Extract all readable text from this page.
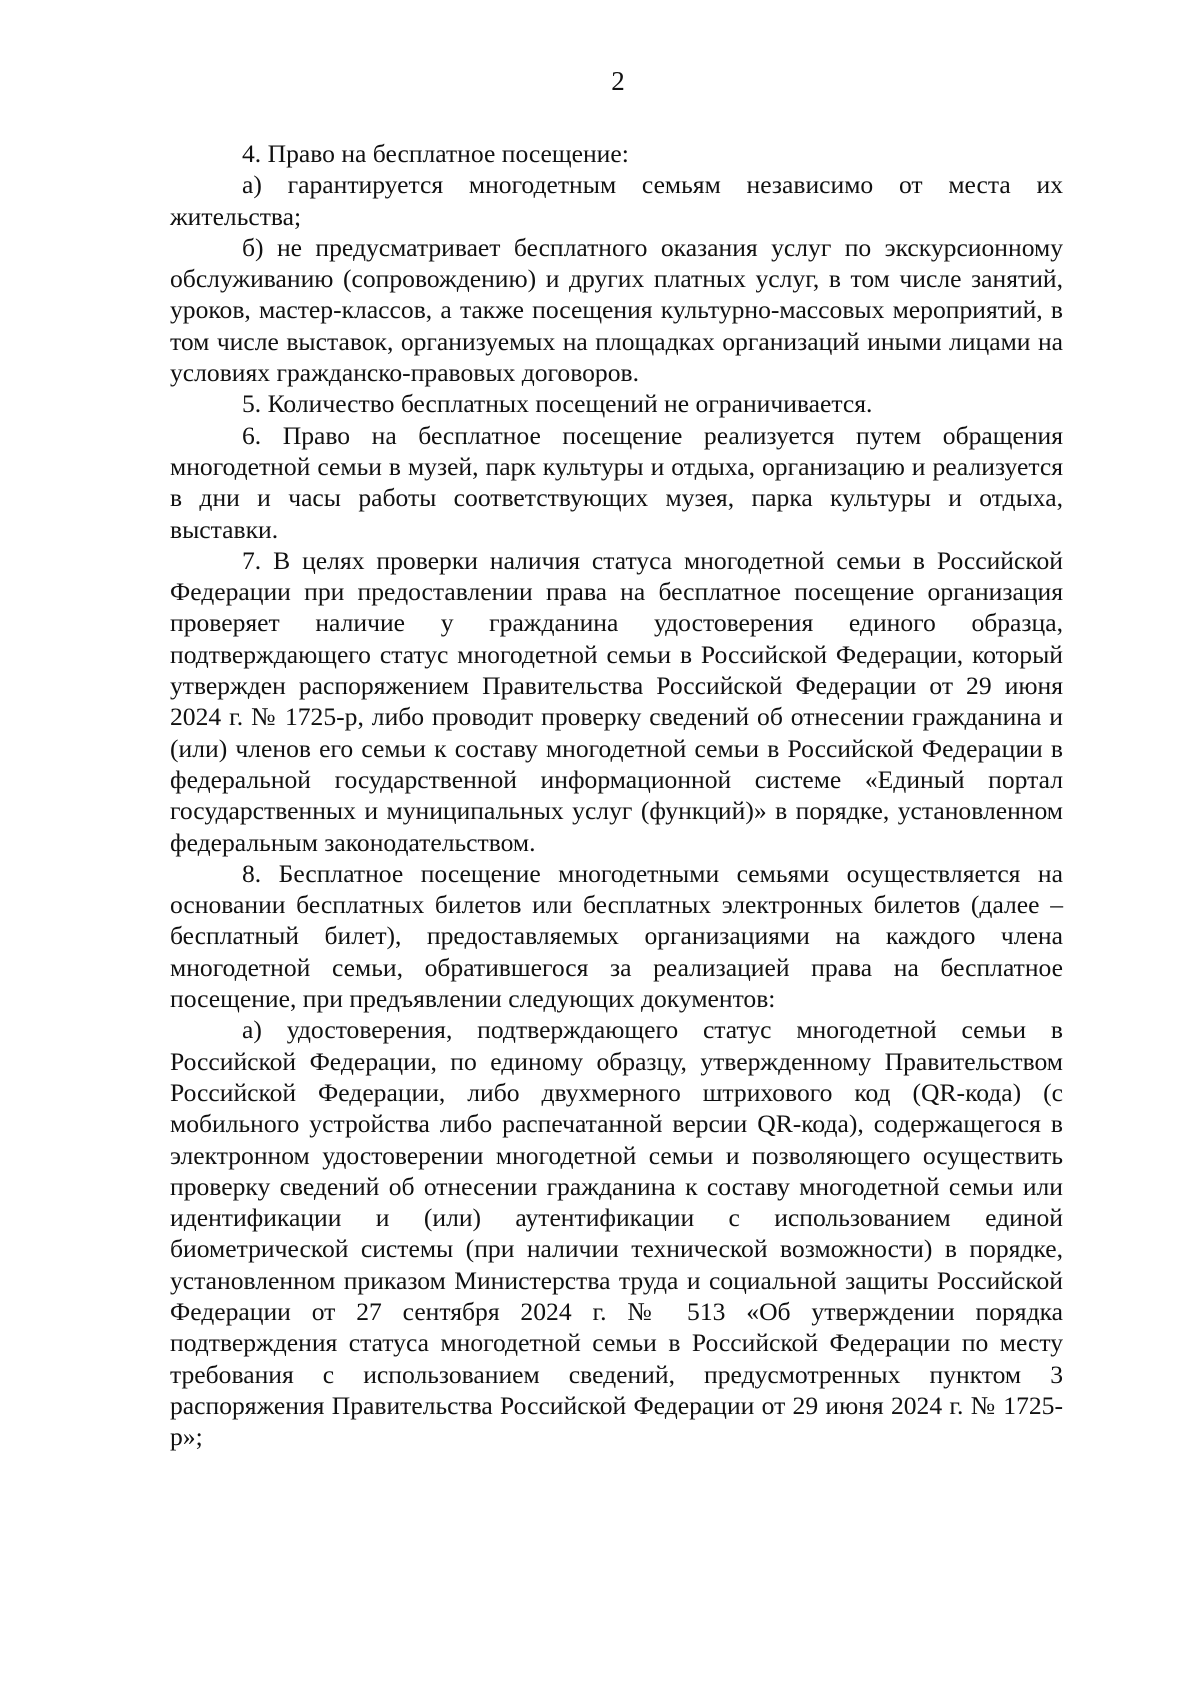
2

4. Право на бесплатное посещение:

а) гарантируется многодетным семьям независимо от места их жительства;

б) не предусматривает бесплатного оказания услуг по экскурсионному обслуживанию (сопровождению) и других платных услуг, в том числе занятий, уроков, мастер-классов, а также посещения культурно-массовых мероприятий, в том числе выставок, организуемых на площадках организаций иными лицами на условиях гражданско-правовых договоров.

5. Количество бесплатных посещений не ограничивается.

6. Право на бесплатное посещение реализуется путем обращения многодетной семьи в музей, парк культуры и отдыха, организацию и реализуется в дни и часы работы соответствующих музея, парка культуры и отдыха, выставки.

7. В целях проверки наличия статуса многодетной семьи в Российской Федерации при предоставлении права на бесплатное посещение организация проверяет наличие у гражданина удостоверения единого образца, подтверждающего статус многодетной семьи в Российской Федерации, который утвержден распоряжением Правительства Российской Федерации от 29 июня 2024 г. № 1725-р, либо проводит проверку сведений об отнесении гражданина и (или) членов его семьи к составу многодетной семьи в Российской Федерации в федеральной государственной информационной системе «Единый портал государственных и муниципальных услуг (функций)» в порядке, установленном федеральным законодательством.

8. Бесплатное посещение многодетными семьями осуществляется на основании бесплатных билетов или бесплатных электронных билетов (далее – бесплатный билет), предоставляемых организациями на каждого члена многодетной семьи, обратившегося за реализацией права на бесплатное посещение, при предъявлении следующих документов:

а) удостоверения, подтверждающего статус многодетной семьи в Российской Федерации, по единому образцу, утвержденному Правительством Российской Федерации, либо двухмерного штрихового код (QR-кода) (с мобильного устройства либо распечатанной версии QR-кода), содержащегося в электронном удостоверении многодетной семьи и позволяющего осуществить проверку сведений об отнесении гражданина к составу многодетной семьи или идентификации и (или) аутентификации с использованием единой биометрической системы (при наличии технической возможности) в порядке, установленном приказом Министерства труда и социальной защиты Российской Федерации от 27 сентября 2024 г. № 513 «Об утверждении порядка подтверждения статуса многодетной семьи в Российской Федерации по месту требования с использованием сведений, предусмотренных пунктом 3 распоряжения Правительства Российской Федерации от 29 июня 2024 г. № 1725-р»;
